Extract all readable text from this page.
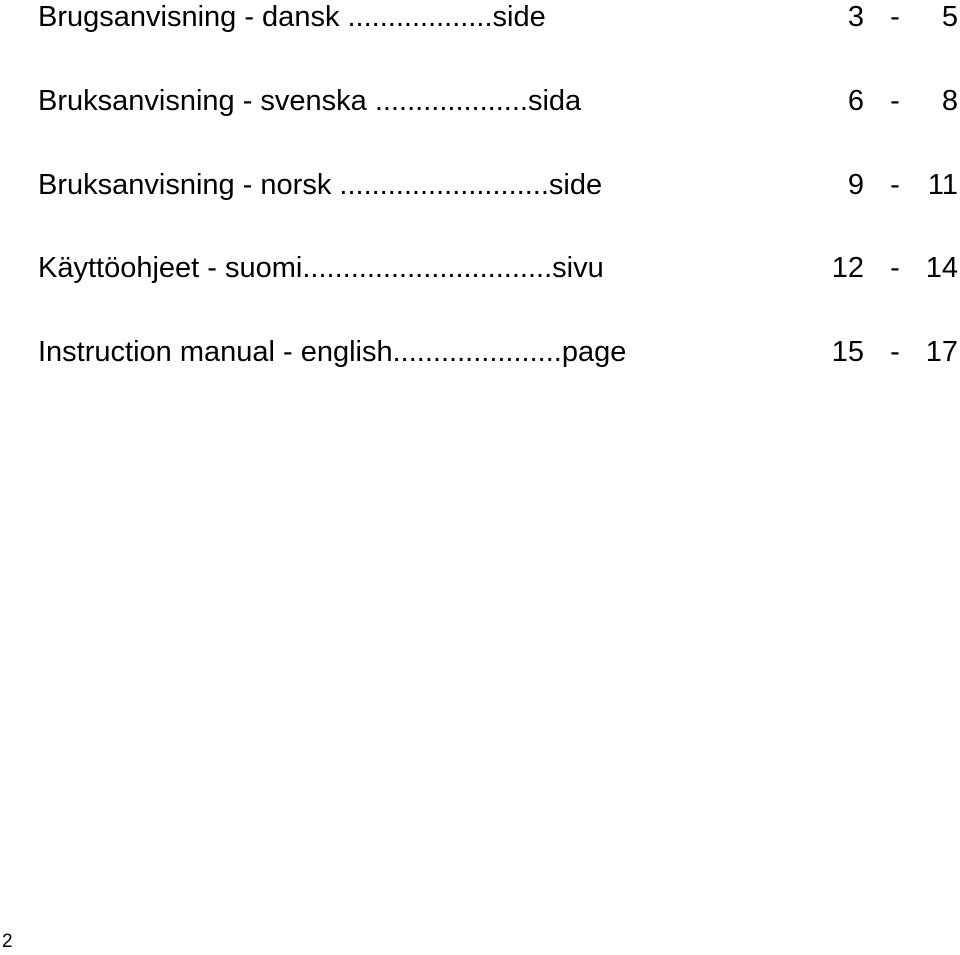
Brugsanvisning - dansk ..................side	3 -	5
Bruksanvisning - svenska ...................sida	6 -	8
Bruksanvisning - norsk ..........................side	9 - 11
Käyttöohjeet - suomi...............................sivu	12 - 14
Instruction manual - english.....................page	15 - 17
2
